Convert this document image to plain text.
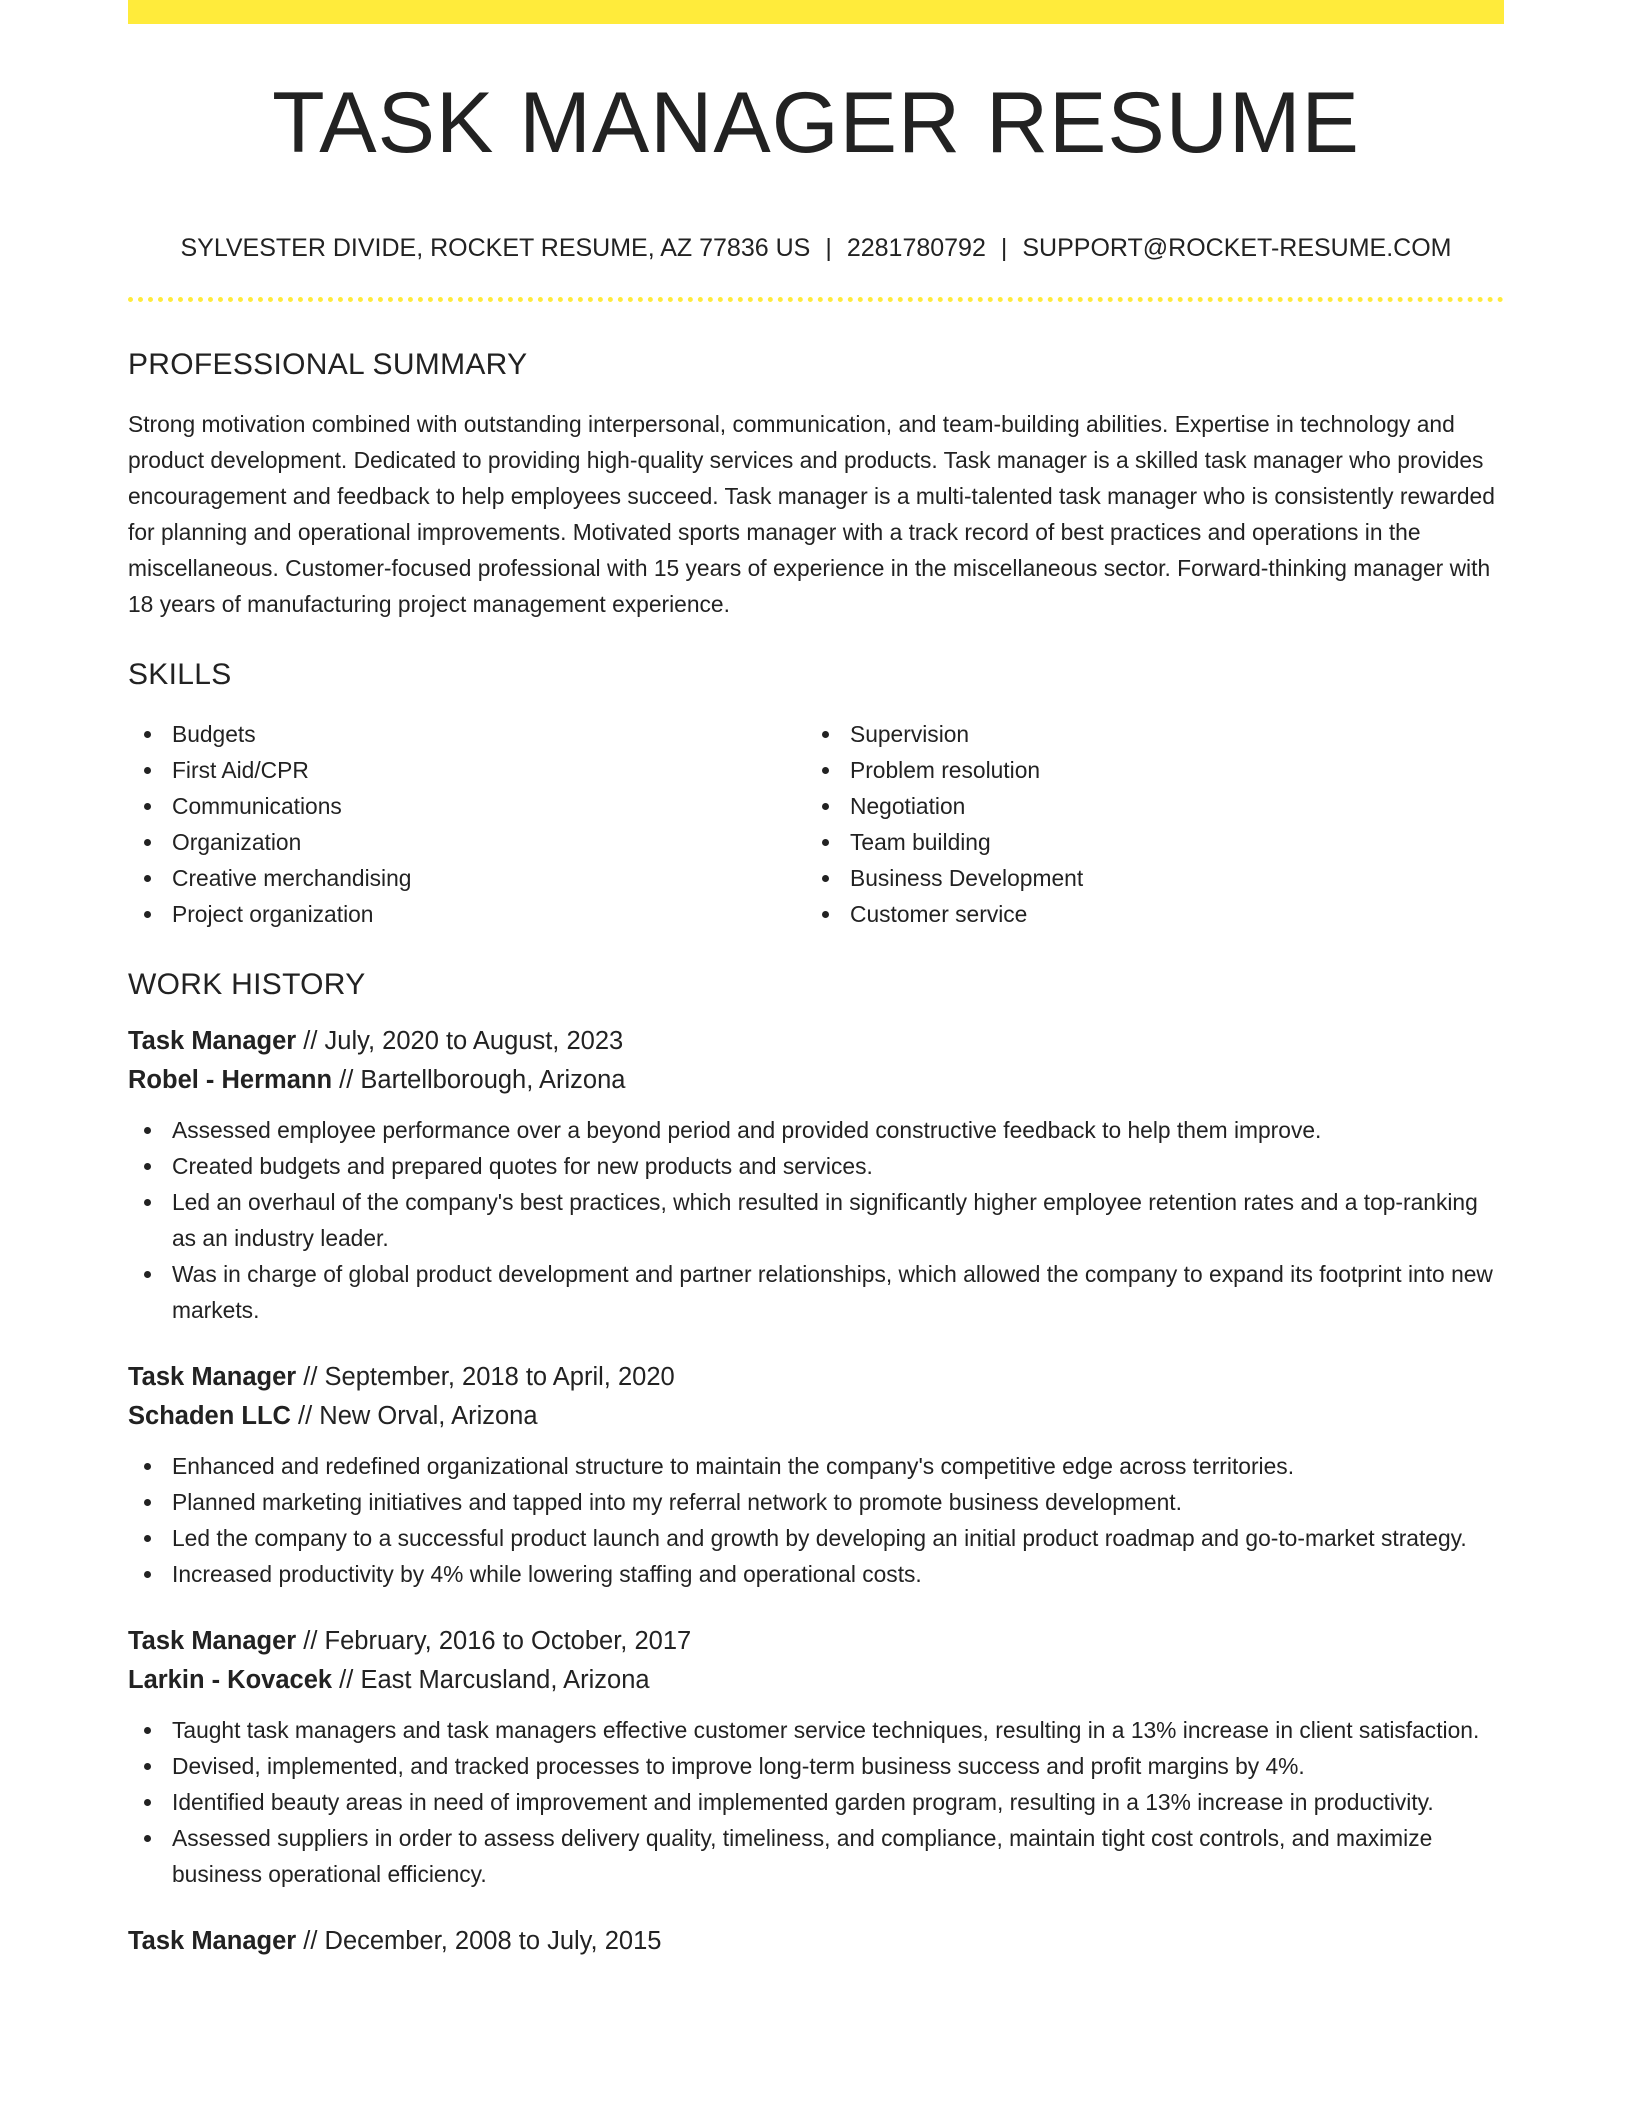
TASK MANAGER RESUME
SYLVESTER DIVIDE, ROCKET RESUME, AZ 77836 US | 2281780792 | SUPPORT@ROCKET-RESUME.COM
PROFESSIONAL SUMMARY

Strong motivation combined with outstanding interpersonal, communication, and team-building abilities. Expertise in technology and product development. Dedicated to providing high-quality services and products. Task manager is a skilled task manager who provides encouragement and feedback to help employees succeed. Task manager is a multi-talented task manager who is consistently rewarded for planning and operational improvements. Motivated sports manager with a track record of best practices and operations in the miscellaneous. Customer-focused professional with 15 years of experience in the miscellaneous sector. Forward-thinking manager with 18 years of manufacturing project management experience.

SKILLS
Budgets
First Aid/CPR
Communications
Organization
Creative merchandising
Project organization
Supervision
Problem resolution
Negotiation
Team building
Business Development
Customer service
WORK HISTORY
Task Manager // July, 2020 to August, 2023
Robel - Hermann // Bartellborough, Arizona
Assessed employee performance over a beyond period and provided constructive feedback to help them improve.
Created budgets and prepared quotes for new products and services.
Led an overhaul of the company's best practices, which resulted in significantly higher employee retention rates and a top-ranking as an industry leader.
Was in charge of global product development and partner relationships, which allowed the company to expand its footprint into new markets.
Task Manager // September, 2018 to April, 2020
Schaden LLC // New Orval, Arizona
Enhanced and redefined organizational structure to maintain the company's competitive edge across territories.
Planned marketing initiatives and tapped into my referral network to promote business development.
Led the company to a successful product launch and growth by developing an initial product roadmap and go-to-market strategy.
Increased productivity by 4% while lowering staffing and operational costs.
Task Manager // February, 2016 to October, 2017
Larkin - Kovacek // East Marcusland, Arizona
Taught task managers and task managers effective customer service techniques, resulting in a 13% increase in client satisfaction.
Devised, implemented, and tracked processes to improve long-term business success and profit margins by 4%.
Identified beauty areas in need of improvement and implemented garden program, resulting in a 13% increase in productivity.
Assessed suppliers in order to assess delivery quality, timeliness, and compliance, maintain tight cost controls, and maximize business operational efficiency.
Task Manager // December, 2008 to July, 2015
